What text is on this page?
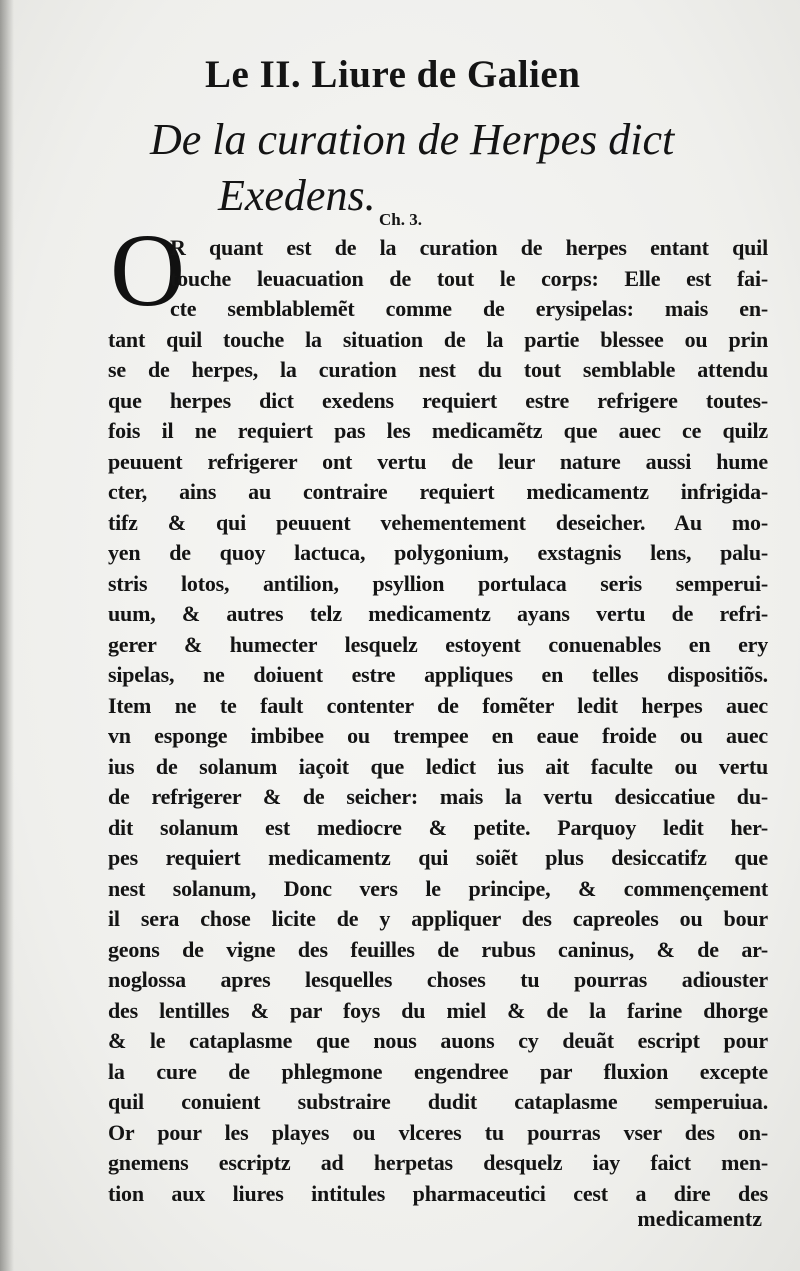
Le II. Liure de Galien
De la curation de Herpes dict
Exedens. Ch. 3.
O
R quant est de la curation de herpes entant quil
touche leuacuation de tout le corps: Elle est fai-
cte semblablemẽt comme de erysipelas: mais en-
tant quil touche la situation de la partie blessee ou prin
se de herpes, la curation nest du tout semblable attendu
que herpes dict exedens requiert estre refrigere toutes-
fois il ne requiert pas les medicamẽtz que auec ce quilz
peuuent refrigerer ont vertu de leur nature aussi hume
cter, ains au contraire requiert medicamentz infrigida-
tifz & qui peuuent vehementement deseicher. Au mo-
yen de quoy lactuca, polygonium, exstagnis lens, palu-
stris lotos, antilion, psyllion portulaca seris semperui-
uum, & autres telz medicamentz ayans vertu de refri-
gerer & humecter lesquelz estoyent conuenables en ery
sipelas, ne doiuent estre appliques en telles dispositiõs.
Item ne te fault contenter de fomẽter ledit herpes auec
vn esponge imbibee ou trempee en eaue froide ou auec
ius de solanum iaçoit que ledict ius ait faculte ou vertu
de refrigerer & de seicher: mais la vertu desiccatiue du-
dit solanum est mediocre & petite. Parquoy ledit her-
pes requiert medicamentz qui soiẽt plus desiccatifz que
nest solanum, Donc vers le principe, & commençement
il sera chose licite de y appliquer des capreoles ou bour
geons de vigne des feuilles de rubus caninus, & de ar-
noglossa apres lesquelles choses tu pourras adiouster
des lentilles & par foys du miel & de la farine dhorge
& le cataplasme que nous auons cy deuãt escript pour
la cure de phlegmone engendree par fluxion excepte
quil conuient substraire dudit cataplasme semperuiua.
Or pour les playes ou vlceres tu pourras vser des on-
gnemens escriptz ad herpetas desquelz iay faict men-
tion aux liures intitules pharmaceutici cest a dire des
medicamentz
